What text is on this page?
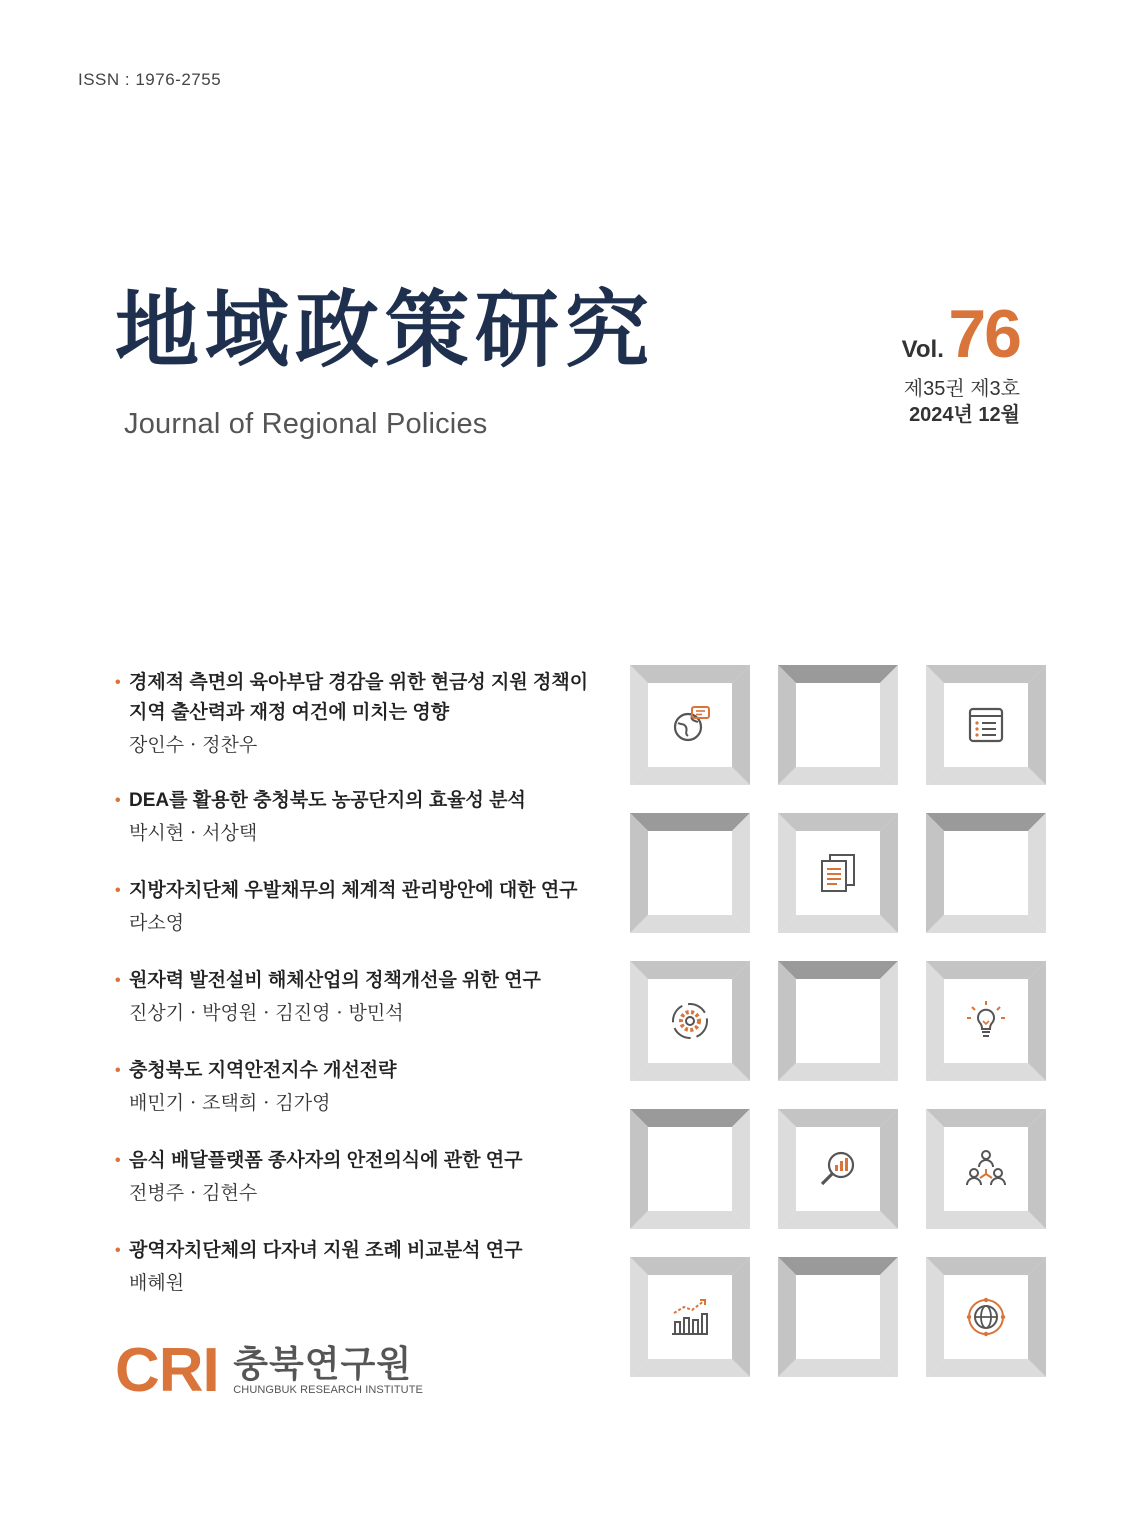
ISSN : 1976-2755
地域政策研究
Journal of Regional Policies
Vol. 76
제35권 제3호
2024년 12월
• 경제적 측면의 육아부담 경감을 위한 현금성 지원 정책이
지역 출산력과 재정 여건에 미치는 영향
장인수 · 정찬우
• DEA를 활용한 충청북도 농공단지의 효율성 분석
박시현 · 서상택
• 지방자치단체 우발채무의 체계적 관리방안에 대한 연구
라소영
• 원자력 발전설비 해체산업의 정책개선을 위한 연구
진상기 · 박영원 · 김진영 · 방민석
• 충청북도 지역안전지수 개선전략
배민기 · 조택희 · 김가영
• 음식 배달플랫폼 종사자의 안전의식에 관한 연구
전병주 · 김현수
• 광역자치단체의 다자녀 지원 조례 비교분석 연구
배혜원
CRI 충북연구원
CHUNGBUK RESEARCH INSTITUTE
